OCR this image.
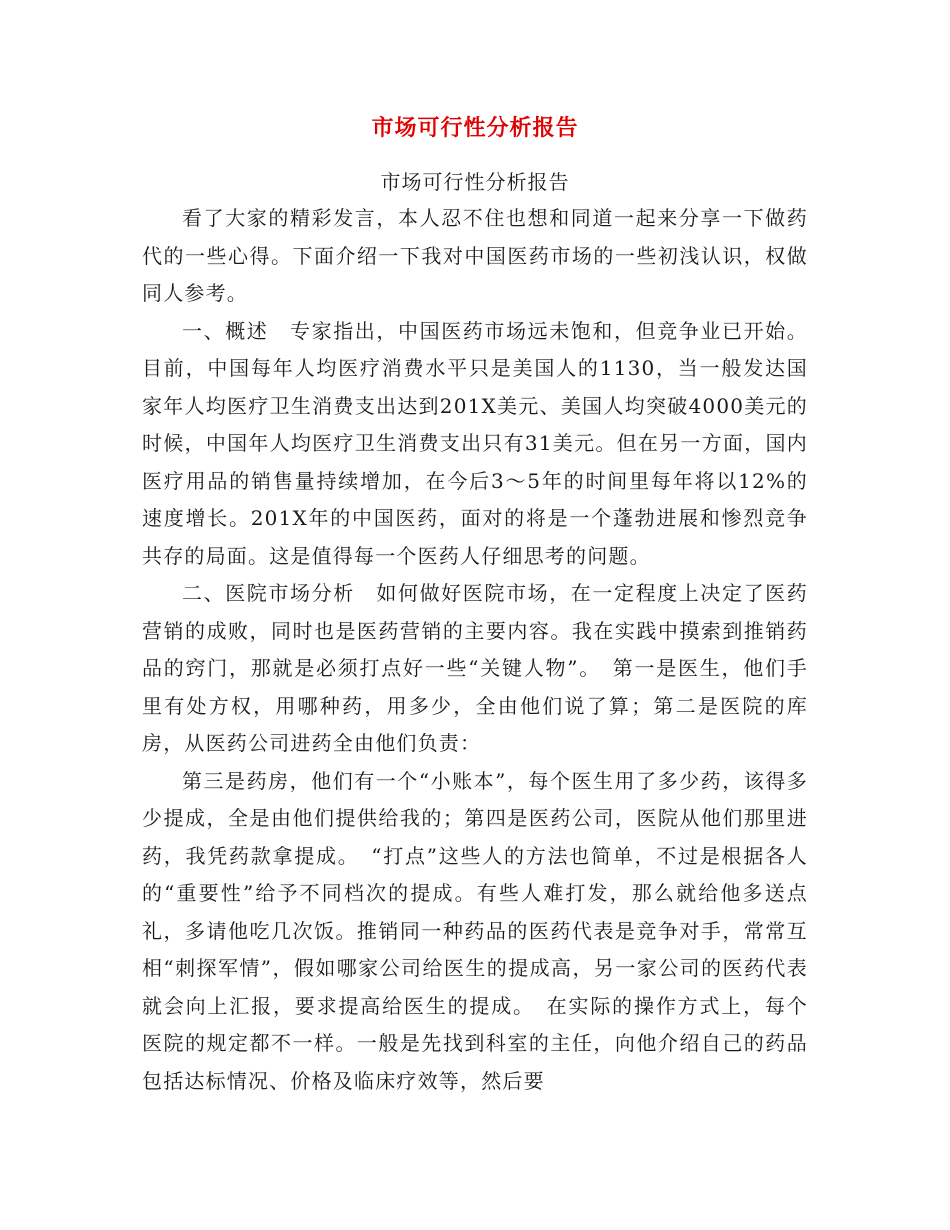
市场可行性分析报告
市场可行性分析报告

看了大家的精彩发言，本人忍不住也想和同道一起来分享一下做药代的一些心得。下面介绍一下我对中国医药市场的一些初浅认识，权做同人参考。

一、概述　专家指出，中国医药市场远未饱和，但竞争业已开始。目前，中国每年人均医疗消费水平只是美国人的1130，当一般发达国家年人均医疗卫生消费支出达到201X美元、美国人均突破4000美元的时候，中国年人均医疗卫生消费支出只有31美元。但在另一方面，国内医疗用品的销售量持续增加，在今后3～5年的时间里每年将以12%的速度增长。201X年的中国医药，面对的将是一个蓬勃进展和惨烈竞争共存的局面。这是值得每一个医药人仔细思考的问题。

二、医院市场分析　如何做好医院市场，在一定程度上决定了医药营销的成败，同时也是医药营销的主要内容。我在实践中摸索到推销药品的窍门，那就是必须打点好一些“关键人物”。　第一是医生，他们手里有处方权，用哪种药，用多少，全由他们说了算；第二是医院的库房，从医药公司进药全由他们负责：

第三是药房，他们有一个“小账本”，每个医生用了多少药，该得多少提成，全是由他们提供给我的；第四是医药公司，医院从他们那里进药，我凭药款拿提成。　“打点”这些人的方法也简单，不过是根据各人的“重要性”给予不同档次的提成。有些人难打发，那么就给他多送点礼，多请他吃几次饭。推销同一种药品的医药代表是竞争对手，常常互相“刺探军情”，假如哪家公司给医生的提成高，另一家公司的医药代表就会向上汇报，要求提高给医生的提成。　在实际的操作方式上，每个医院的规定都不一样。一般是先找到科室的主任，向他介绍自己的药品包括达标情况、价格及临床疗效等，然后要
